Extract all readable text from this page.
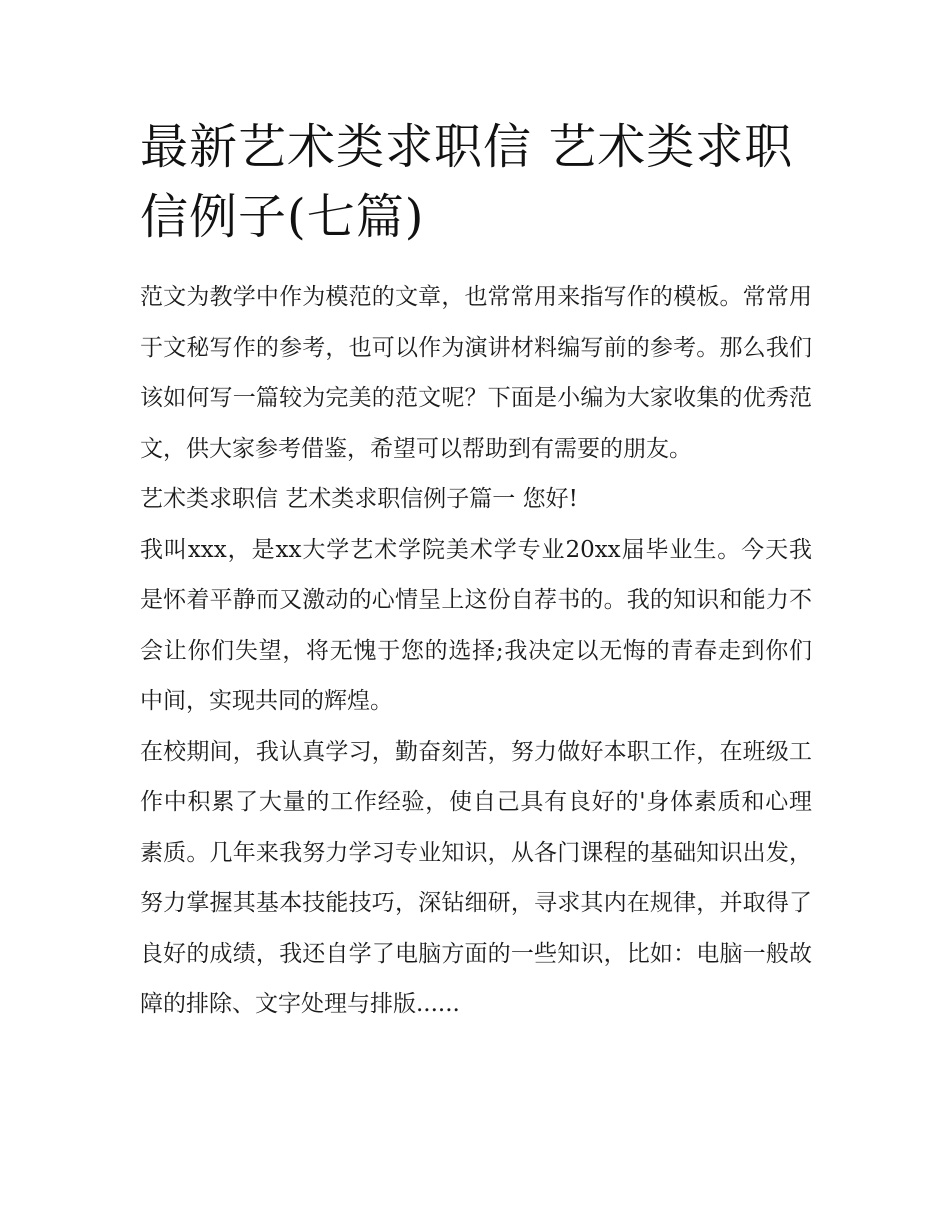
最新艺术类求职信 艺术类求职信例子(七篇)

范文为教学中作为模范的文章，也常常用来指写作的模板。常常用于文秘写作的参考，也可以作为演讲材料编写前的参考。那么我们该如何写一篇较为完美的范文呢？下面是小编为大家收集的优秀范文，供大家参考借鉴，希望可以帮助到有需要的朋友。

艺术类求职信 艺术类求职信例子篇一 您好!

我叫xxx，是xx大学艺术学院美术学专业20xx届毕业生。今天我是怀着平静而又激动的心情呈上这份自荐书的。我的知识和能力不会让你们失望，将无愧于您的选择;我决定以无悔的青春走到你们中间，实现共同的辉煌。

在校期间，我认真学习，勤奋刻苦，努力做好本职工作，在班级工作中积累了大量的工作经验，使自己具有良好的'身体素质和心理素质。几年来我努力学习专业知识，从各门课程的基础知识出发，努力掌握其基本技能技巧，深钻细研，寻求其内在规律，并取得了良好的成绩，我还自学了电脑方面的一些知识，比如：电脑一般故障的排除、文字处理与排版......
